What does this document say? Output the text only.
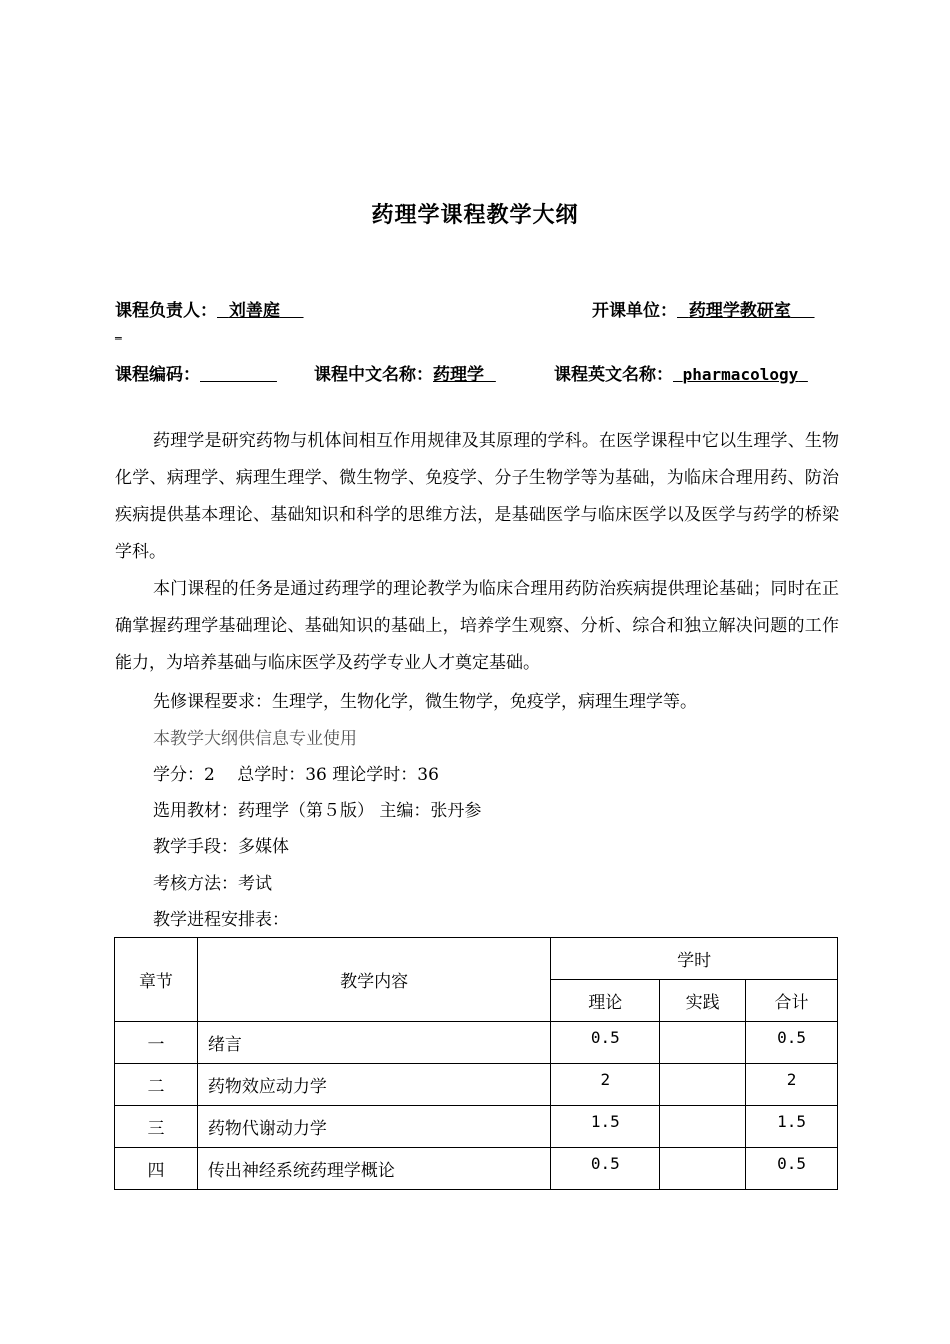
药理学课程教学大纲
课程负责人： 刘善庭	开课单位： 药理学教研室
═
课程编码：	课程中文名称：药理学	课程英文名称： pharmacology

药理学是研究药物与机体间相互作用规律及其原理的学科。在医学课程中它以生理学、生物化学、病理学、病理生理学、微生物学、免疫学、分子生物学等为基础，为临床合理用药、防治疾病提供基本理论、基础知识和科学的思维方法，是基础医学与临床医学以及医学与药学的桥梁学科。

本门课程的任务是通过药理学的理论教学为临床合理用药防治疾病提供理论基础；同时在正确掌握药理学基础理论、基础知识的基础上，培养学生观察、分析、综合和独立解决问题的工作能力，为培养基础与临床医学及药学专业人才奠定基础。

先修课程要求：生理学，生物化学，微生物学，免疫学，病理生理学等。
本教学大纲供信息专业使用
学分：2　 总学时：36 理论学时：36
选用教材：药理学（第５版） 主编：张丹参
教学手段：多媒体
考核方法：考试
教学进程安排表：
章节	教学内容	学时		
		理论	实践	合计
一	绪言	0.5		0.5
二	药物效应动力学	2		2
三	药物代谢动力学	1.5		1.5
四	传出神经系统药理学概论	0.5		0.5
